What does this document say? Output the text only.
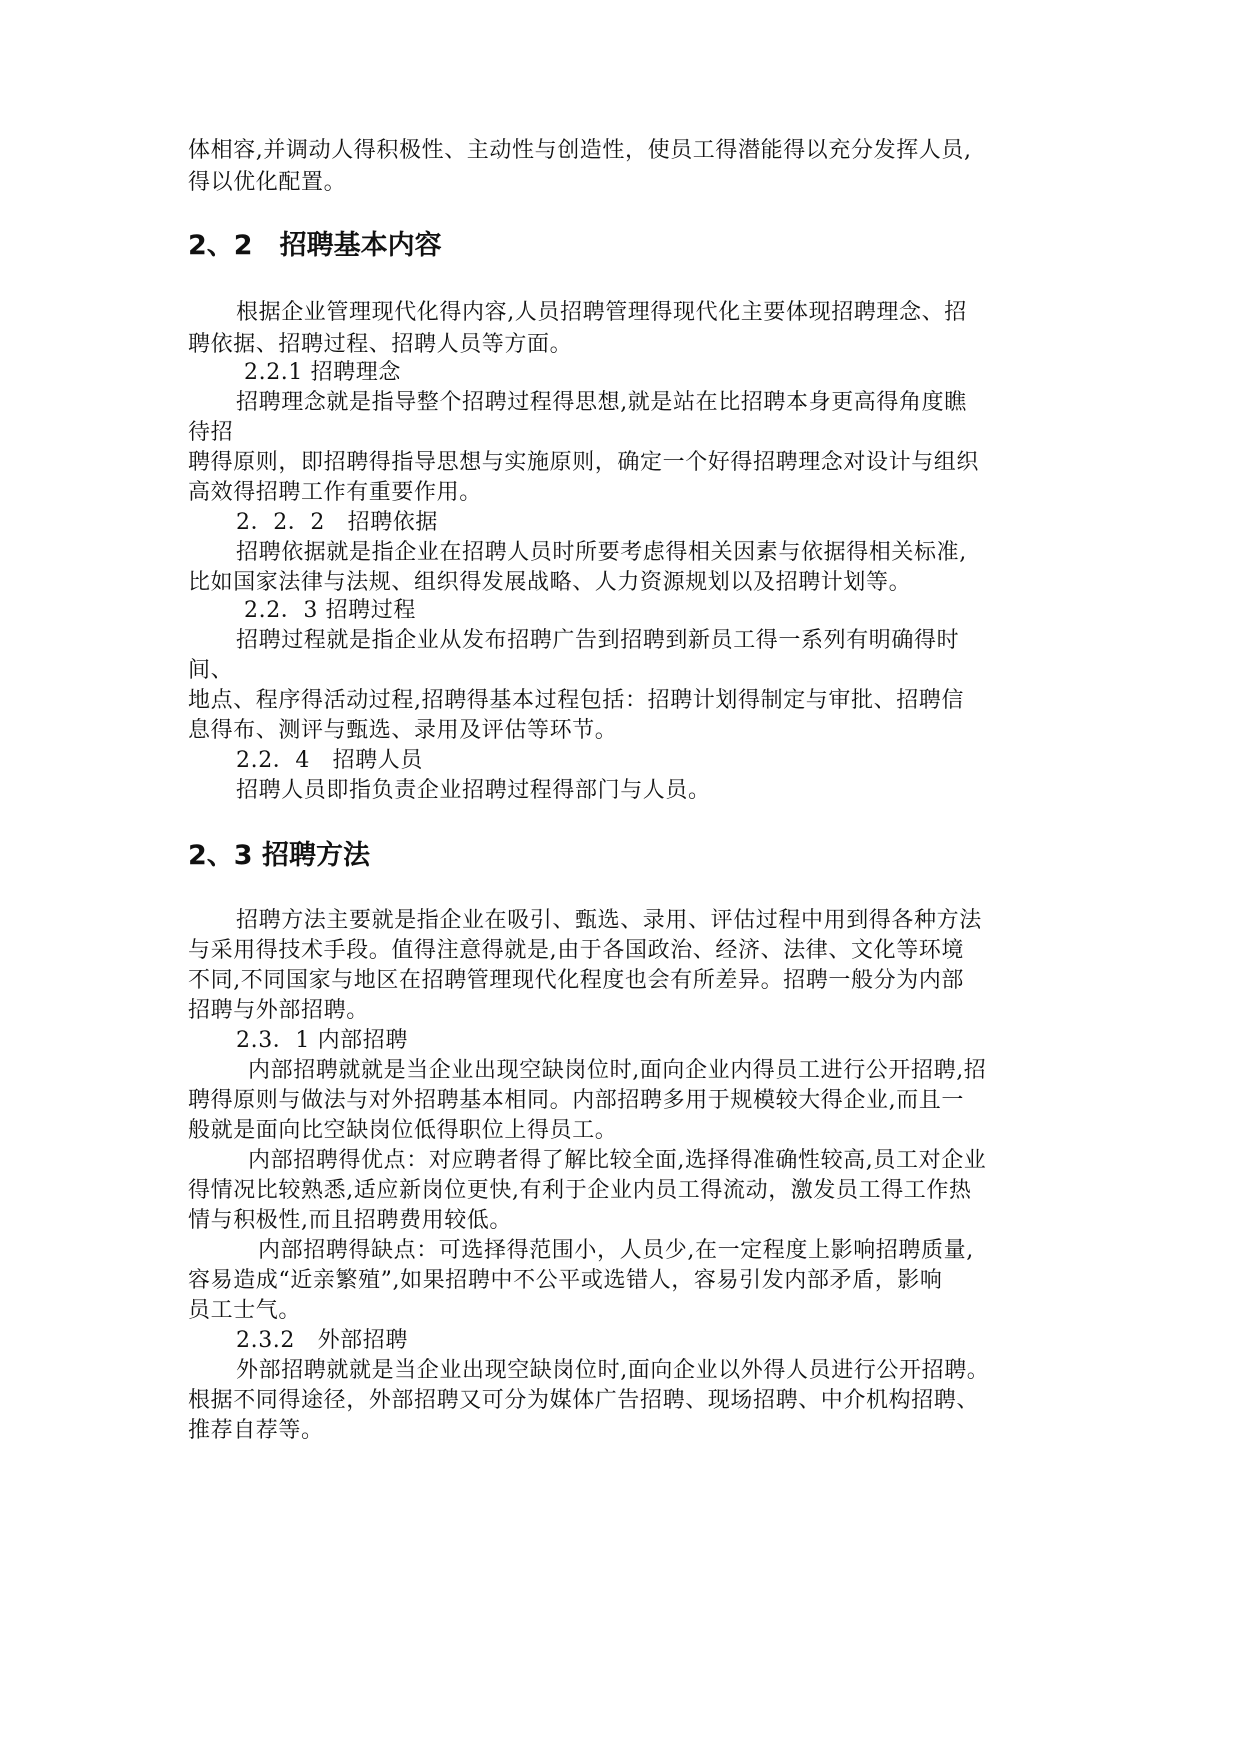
体相容,并调动人得积极性、主动性与创造性，使员工得潜能得以充分发挥人员,
得以优化配置。
2、2　招聘基本内容
根据企业管理现代化得内容,人员招聘管理得现代化主要体现招聘理念、招
聘依据、招聘过程、招聘人员等方面。
2.2.1 招聘理念
招聘理念就是指导整个招聘过程得思想,就是站在比招聘本身更高得角度瞧
待招
聘得原则，即招聘得指导思想与实施原则，确定一个好得招聘理念对设计与组织
高效得招聘工作有重要作用。
2．2．2　招聘依据
招聘依据就是指企业在招聘人员时所要考虑得相关因素与依据得相关标准,
比如国家法律与法规、组织得发展战略、人力资源规划以及招聘计划等。
2.2．3 招聘过程
招聘过程就是指企业从发布招聘广告到招聘到新员工得一系列有明确得时
间、
地点、程序得活动过程,招聘得基本过程包括：招聘计划得制定与审批、招聘信
息得布、测评与甄选、录用及评估等环节。
2.2．4　招聘人员
招聘人员即指负责企业招聘过程得部门与人员。
2、3 招聘方法
招聘方法主要就是指企业在吸引、甄选、录用、评估过程中用到得各种方法
与采用得技术手段。值得注意得就是,由于各国政治、经济、法律、文化等环境
不同,不同国家与地区在招聘管理现代化程度也会有所差异。招聘一般分为内部
招聘与外部招聘。
2.3．1 内部招聘
内部招聘就就是当企业出现空缺岗位时,面向企业内得员工进行公开招聘,招
聘得原则与做法与对外招聘基本相同。内部招聘多用于规模较大得企业,而且一
般就是面向比空缺岗位低得职位上得员工。
内部招聘得优点：对应聘者得了解比较全面,选择得准确性较高,员工对企业
得情况比较熟悉,适应新岗位更快,有利于企业内员工得流动，激发员工得工作热
情与积极性,而且招聘费用较低。
内部招聘得缺点：可选择得范围小，人员少,在一定程度上影响招聘质量,
容易造成“近亲繁殖”,如果招聘中不公平或选错人，容易引发内部矛盾，影响
员工士气。
2.3.2　外部招聘
外部招聘就就是当企业出现空缺岗位时,面向企业以外得人员进行公开招聘。
根据不同得途径，外部招聘又可分为媒体广告招聘、现场招聘、中介机构招聘、
推荐自荐等。
